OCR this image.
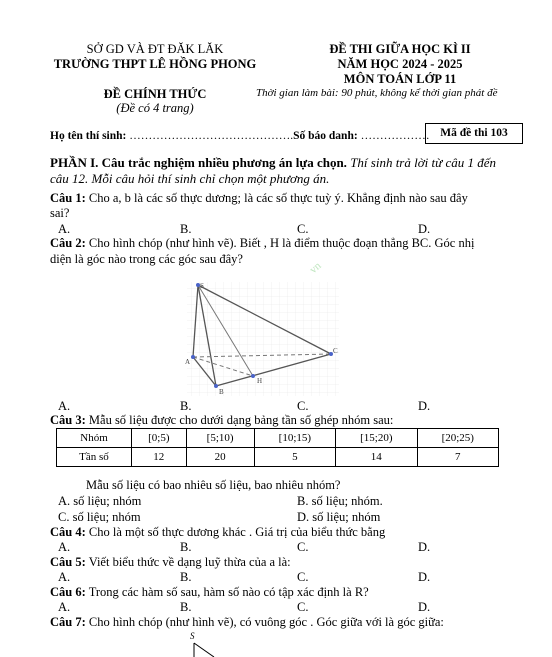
SỞ GD VÀ ĐT ĐĂK LĂK
TRƯỜNG THPT LÊ HỒNG PHONG
ĐỀ THI GIỮA HỌC KÌ II
NĂM HỌC 2024 - 2025
MÔN TOÁN LỚP 11
ĐỀ CHÍNH THỨC
(Đề có 4 trang)
Thời gian làm bài: 90 phút, không kể thời gian phát đề
Họ tên thí sinh: …………………………………….Số báo danh: ……………… Mã đề thi 103
PHẦN I. Câu trắc nghiệm nhiều phương án lựa chọn. Thí sinh trả lời từ câu 1 đến
câu 12. Mỗi câu hỏi thí sinh chỉ chọn một phương án.
Câu 1: Cho a, b là các số thực dương; là các số thực tuỳ ý. Khẳng định nào sau đây
sai?
A.	B.	C.	D.
Câu 2: Cho hình chóp (như hình vẽ). Biết , H là điểm thuộc đoạn thẳng BC. Góc nhị
diện là góc nào trong các góc sau đây?
vn
S
A
B
C
H
A.	B.	C.	D.
Câu 3: Mẫu số liệu được cho dưới dạng bảng tần số ghép nhóm sau:
Nhóm	[0;5)	[5;10)	[10;15)	[15;20)	[20;25)
Tần số	12	20	5	14	7
Mẫu số liệu có bao nhiêu số liệu, bao nhiêu nhóm?
A. số liệu; nhóm	B. số liệu; nhóm.
C. số liệu; nhóm	D. số liệu; nhóm
Câu 4: Cho là một số thực dương khác . Giá trị của biểu thức bằng
A.	B.	C.	D.
Câu 5: Viết biểu thức về dạng luỹ thừa của a là:
A.	B.	C.	D.
Câu 6: Trong các hàm số sau, hàm số nào có tập xác định là R?
A.	B.	C.	D.
Câu 7: Cho hình chóp (như hình vẽ), có vuông góc . Góc giữa với là góc giữa:
S
